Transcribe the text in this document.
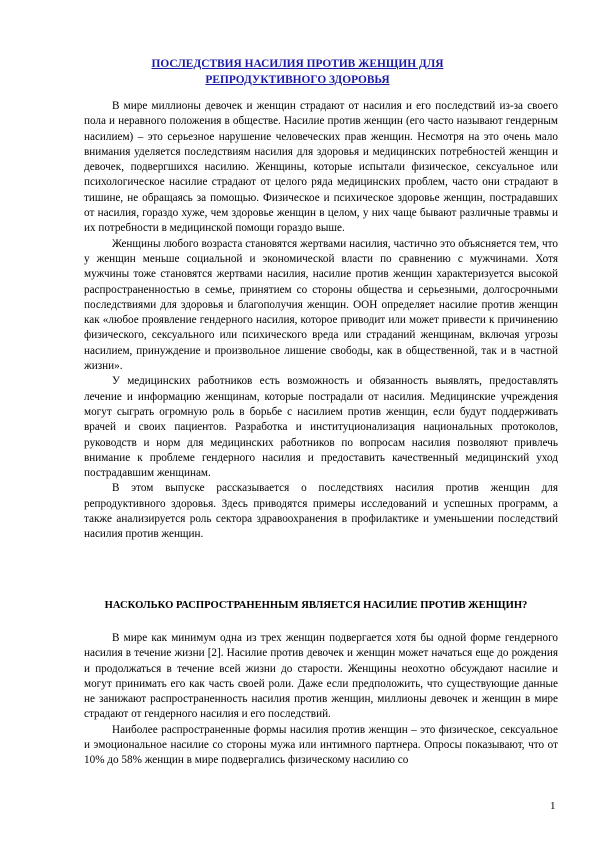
ПОСЛЕДСТВИЯ НАСИЛИЯ ПРОТИВ ЖЕНЩИН ДЛЯ
РЕПРОДУКТИВНОГО ЗДОРОВЬЯ

В мире миллионы девочек и женщин страдают от насилия и его последствий из-за своего пола и неравного положения в обществе. Насилие против женщин (его часто называют гендерным насилием) – это серьезное нарушение человеческих прав женщин. Несмотря на это очень мало внимания уделяется последствиям насилия для здоровья и медицинских потребностей женщин и девочек, подвергшихся насилию. Женщины, которые испытали физическое, сексуальное или психологическое насилие страдают от целого ряда медицинских проблем, часто они страдают в тишине, не обращаясь за помощью. Физическое и психическое здоровье женщин, пострадавших от насилия, гораздо хуже, чем здоровье женщин в целом, у них чаще бывают различные травмы и их потребности в медицинской помощи гораздо выше.

Женщины любого возраста становятся жертвами насилия, частично это объясняется тем, что у женщин меньше социальной и экономической власти по сравнению с мужчинами. Хотя мужчины тоже становятся жертвами насилия, насилие против женщин характеризуется высокой распространенностью в семье, принятием со стороны общества и серьезными, долгосрочными последствиями для здоровья и благополучия женщин. ООН определяет насилие против женщин как «любое проявление гендерного насилия, которое приводит или может привести к причинению физического, сексуального или психического вреда или страданий женщинам, включая угрозы насилием, принуждение и произвольное лишение свободы, как в общественной, так и в частной жизни».

У медицинских работников есть возможность и обязанность выявлять, предоставлять лечение и информацию женщинам, которые пострадали от насилия. Медицинские учреждения могут сыграть огромную роль в борьбе с насилием против женщин, если будут поддерживать врачей и своих пациентов. Разработка и институционализация национальных протоколов, руководств и норм для медицинских работников по вопросам насилия позволяют привлечь внимание к проблеме гендерного насилия и предоставить качественный медицинский уход пострадавшим женщинам.

В этом выпуске рассказывается о последствиях насилия против женщин для репродуктивного здоровья. Здесь приводятся примеры исследований и успешных программ, а также анализируется роль сектора здравоохранения в профилактике и уменьшении последствий насилия против женщин.

НАСКОЛЬКО РАСПРОСТРАНЕННЫМ ЯВЛЯЕТСЯ НАСИЛИЕ ПРОТИВ ЖЕНЩИН?

В мире как минимум одна из трех женщин подвергается хотя бы одной форме гендерного насилия в течение жизни [2]. Насилие против девочек и женщин может начаться еще до рождения и продолжаться в течение всей жизни до старости. Женщины неохотно обсуждают насилие и могут принимать его как часть своей роли. Даже если предположить, что существующие данные не занижают распространенность насилия против женщин, миллионы девочек и женщин в мире страдают от гендерного насилия и его последствий.

Наиболее распространенные формы насилия против женщин – это физическое, сексуальное и эмоциональное насилие со стороны мужа или интимного партнера. Опросы показывают, что от 10% до 58% женщин в мире подвергались физическому насилию со

1
